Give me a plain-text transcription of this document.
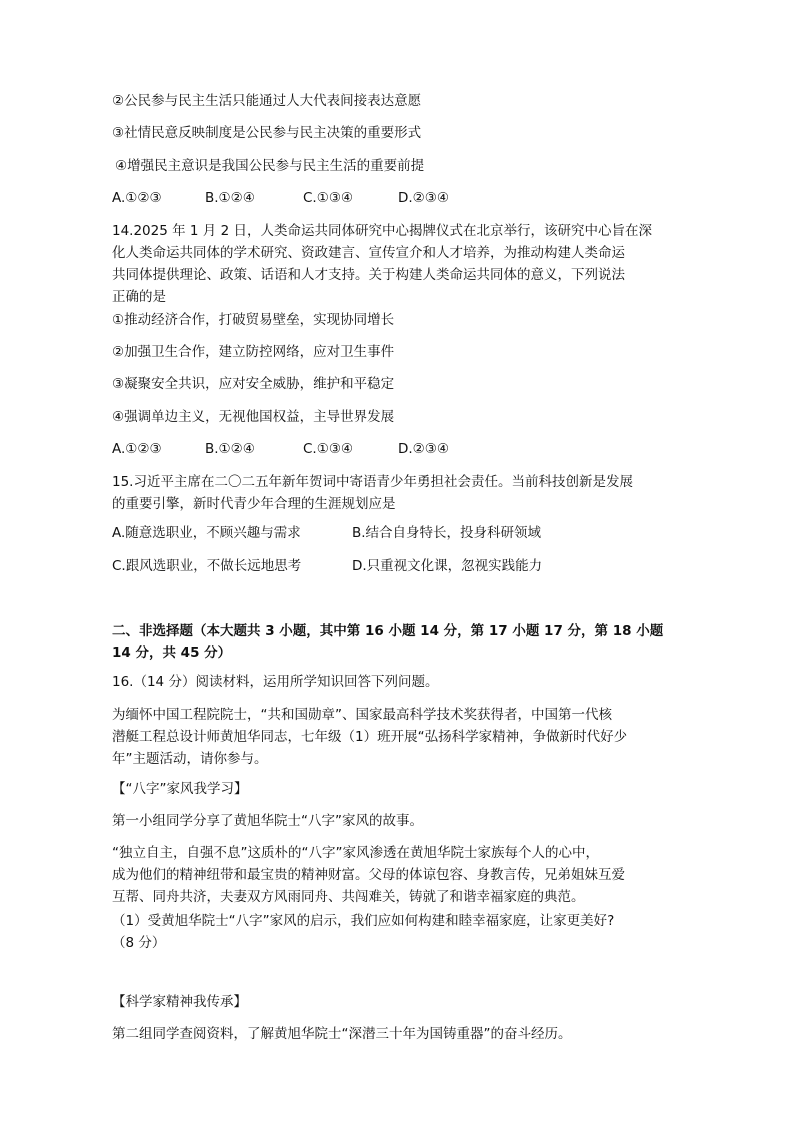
②公民参与民主生活只能通过人大代表间接表达意愿
③社情民意反映制度是公民参与民主决策的重要形式
④增强民主意识是我国公民参与民主生活的重要前提
A.①②③	B.①②④	C.①③④	D.②③④
14.2025 年 1 月 2 日，人类命运共同体研究中心揭牌仪式在北京举行，该研究中心旨在深
化人类命运共同体的学术研究、资政建言、宣传宣介和人才培养，为推动构建人类命运
共同体提供理论、政策、话语和人才支持。关于构建人类命运共同体的意义，下列说法
正确的是
①推动经济合作，打破贸易壁垒，实现协同增长
②加强卫生合作，建立防控网络，应对卫生事件
③凝聚安全共识，应对安全威胁，维护和平稳定
④强调单边主义，无视他国权益，主导世界发展
A.①②③	B.①②④	C.①③④	D.②③④
15.习近平主席在二〇二五年新年贺词中寄语青少年勇担社会责任。当前科技创新是发展
的重要引擎，新时代青少年合理的生涯规划应是
A.随意选职业，不顾兴趣与需求	B.结合自身特长，投身科研领域
C.跟风选职业，不做长远地思考	D.只重视文化课，忽视实践能力
二、非选择题（本大题共 3 小题，其中第 16 小题 14 分，第 17 小题 17 分，第 18 小题
14 分，共 45 分）
16.（14 分）阅读材料，运用所学知识回答下列问题。
为缅怀中国工程院院士，“共和国勋章”、国家最高科学技术奖获得者，中国第一代核
潜艇工程总设计师黄旭华同志，七年级（1）班开展“弘扬科学家精神，争做新时代好少
年”主题活动，请你参与。
【“八字”家风我学习】
第一小组同学分享了黄旭华院士“八字”家风的故事。
“独立自主，自强不息”这质朴的“八字”家风渗透在黄旭华院士家族每个人的心中，
成为他们的精神纽带和最宝贵的精神财富。父母的体谅包容、身教言传，兄弟姐妹互爱
互帮、同舟共济，夫妻双方风雨同舟、共闯难关，铸就了和谐幸福家庭的典范。
（1）受黄旭华院士“八字”家风的启示，我们应如何构建和睦幸福家庭，让家更美好?
（8 分）
【科学家精神我传承】
第二组同学查阅资料，了解黄旭华院士“深潜三十年为国铸重器”的奋斗经历。
